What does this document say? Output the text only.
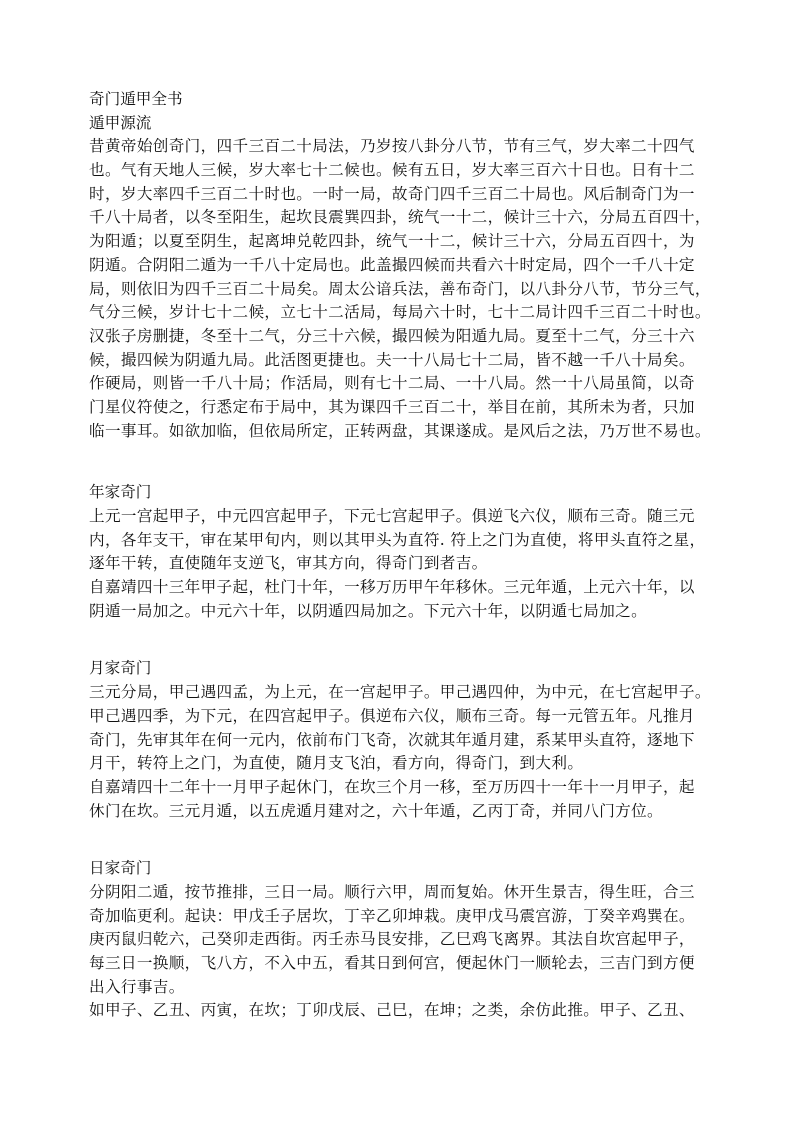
奇门遁甲全书
遁甲源流
昔黄帝始创奇门，四千三百二十局法，乃岁按八卦分八节，节有三气，岁大率二十四气
也。气有天地人三候，岁大率七十二候也。候有五日，岁大率三百六十日也。日有十二
时，岁大率四千三百二十时也。一时一局，故奇门四千三百二十局也。风后制奇门为一
千八十局者，以冬至阳生，起坎艮震巽四卦，统气一十二，候计三十六，分局五百四十，
为阳遁；以夏至阴生，起离坤兑乾四卦，统气一十二，候计三十六，分局五百四十，为
阴遁。合阴阳二遁为一千八十定局也。此盖撮四候而共看六十时定局，四个一千八十定
局，则依旧为四千三百二十局矣。周太公谙兵法，善布奇门，以八卦分八节，节分三气，
气分三候，岁计七十二候，立七十二活局，每局六十时，七十二局计四千三百二十时也。
汉张子房删捷，冬至十二气，分三十六候，撮四候为阳遁九局。夏至十二气，分三十六
候，撮四候为阴遁九局。此活图更捷也。夫一十八局七十二局，皆不越一千八十局矣。
作硬局，则皆一千八十局；作活局，则有七十二局、一十八局。然一十八局虽简，以奇
门星仪符使之，行悉定布于局中，其为课四千三百二十，举目在前，其所未为者，只加
临一事耳。如欲加临，但依局所定，正转两盘，其课遂成。是风后之法，乃万世不易也。
年家奇门
上元一宫起甲子，中元四宫起甲子，下元七宫起甲子。俱逆飞六仪，顺布三奇。随三元
内，各年支干，审在某甲旬内，则以其甲头为直符. 符上之门为直使，将甲头直符之星，
逐年干转，直使随年支逆飞，审其方向，得奇门到者吉。
自嘉靖四十三年甲子起，杜门十年，一移万历甲午年移休。三元年遁，上元六十年，以
阴遁一局加之。中元六十年，以阴遁四局加之。下元六十年，以阴遁七局加之。
月家奇门
三元分局，甲己遇四孟，为上元，在一宫起甲子。甲己遇四仲，为中元，在七宫起甲子。
甲己遇四季，为下元，在四宫起甲子。俱逆布六仪，顺布三奇。每一元管五年。凡推月
奇门，先审其年在何一元内，依前布门飞奇，次就其年遁月建，系某甲头直符，逐地下
月干，转符上之门，为直使，随月支飞泊，看方向，得奇门，到大利。
自嘉靖四十二年十一月甲子起休门，在坎三个月一移，至万历四十一年十一月甲子，起
休门在坎。三元月遁，以五虎遁月建对之，六十年遁，乙丙丁奇，并同八门方位。
日家奇门
分阴阳二遁，按节推排，三日一局。顺行六甲，周而复始。休开生景吉，得生旺，合三
奇加临更利。起诀：甲戊壬子居坎，丁辛乙卯坤栽。庚甲戊马震宫游，丁癸辛鸡巽在。
庚丙鼠归乾六，己癸卯走西街。丙壬赤马艮安排，乙巳鸡飞离界。其法自坎宫起甲子，
每三日一换顺，飞八方，不入中五，看其日到何宫，便起休门一顺轮去，三吉门到方便
出入行事吉。
如甲子、乙丑、丙寅，在坎；丁卯戊辰、己巳，在坤；之类，余仿此推。甲子、乙丑、
